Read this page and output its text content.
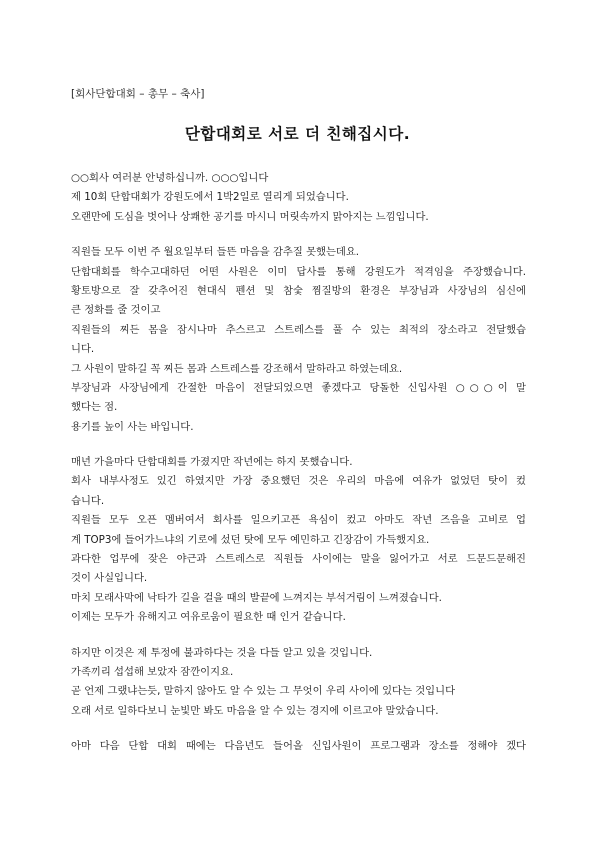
[회사단합대회 – 총무 – 축사]
단합대회로 서로 더 친해집시다.
○○회사 여러분 안녕하십니까. ○○○입니다
제 10회 단합대회가 강원도에서 1박2일로 열리게 되었습니다.
오랜만에 도심을 벗어나 상쾌한 공기를 마시니 머릿속까지 맑아지는 느낌입니다.
직원들 모두 이번 주 월요일부터 들뜬 마음을 감추질 못했는데요.
단합대회를 학수고대하던 어떤 사원은 이미 답사를 통해 강원도가 적격임을 주장했습니다.
황토방으로 잘 갖추어진 현대식 펜션 및 참숯 찜질방의 환경은 부장님과 사장님의 심신에
큰 정화를 줄 것이고
직원들의 찌든 몸을 잠시나마 추스르고 스트레스를 풀 수 있는 최적의 장소라고 전달했습
니다.
그 사원이 말하길 꼭 찌든 몸과 스트레스를 강조해서 말하라고 하였는데요.
부장님과 사장님에게 간절한 마음이 전달되었으면 좋겠다고 당돌한 신입사원 ○○○이 말
했다는 점.
용기를 높이 사는 바입니다.
매년 가을마다 단합대회를 가졌지만 작년에는 하지 못했습니다.
회사 내부사정도 있긴 하였지만 가장 중요했던 것은 우리의 마음에 여유가 없었던 탓이 컸
습니다.
직원들 모두 오픈 멤버여서 회사를 일으키고픈 욕심이 컸고 아마도 작년 즈음을 고비로 업
계 TOP3에 들어가느냐의 기로에 섰던 탓에 모두 예민하고 긴장감이 가득했지요.
과다한 업무에 잦은 야근과 스트레스로 직원들 사이에는 말을 잃어가고 서로 드문드문해진
것이 사실입니다.
마치 모래사막에 낙타가 길을 걸을 때의 발끝에 느껴지는 부석거림이 느껴졌습니다.
이제는 모두가 유해지고 여유로움이 필요한 때 인거 같습니다.
하지만 이것은 제 투정에 불과하다는 것을 다들 알고 있을 것입니다.
가족끼리 섭섭해 보았자 잠깐이지요.
곧 언제 그랬냐는듯, 말하지 않아도 알 수 있는 그 무엇이 우리 사이에 있다는 것입니다
오래 서로 일하다보니 눈빛만 봐도 마음을 알 수 있는 경지에 이르고야 말았습니다.
아마 다음 단합 대회 때에는 다음년도 들어올 신입사원이 프로그램과 장소를 정해야 겠다
